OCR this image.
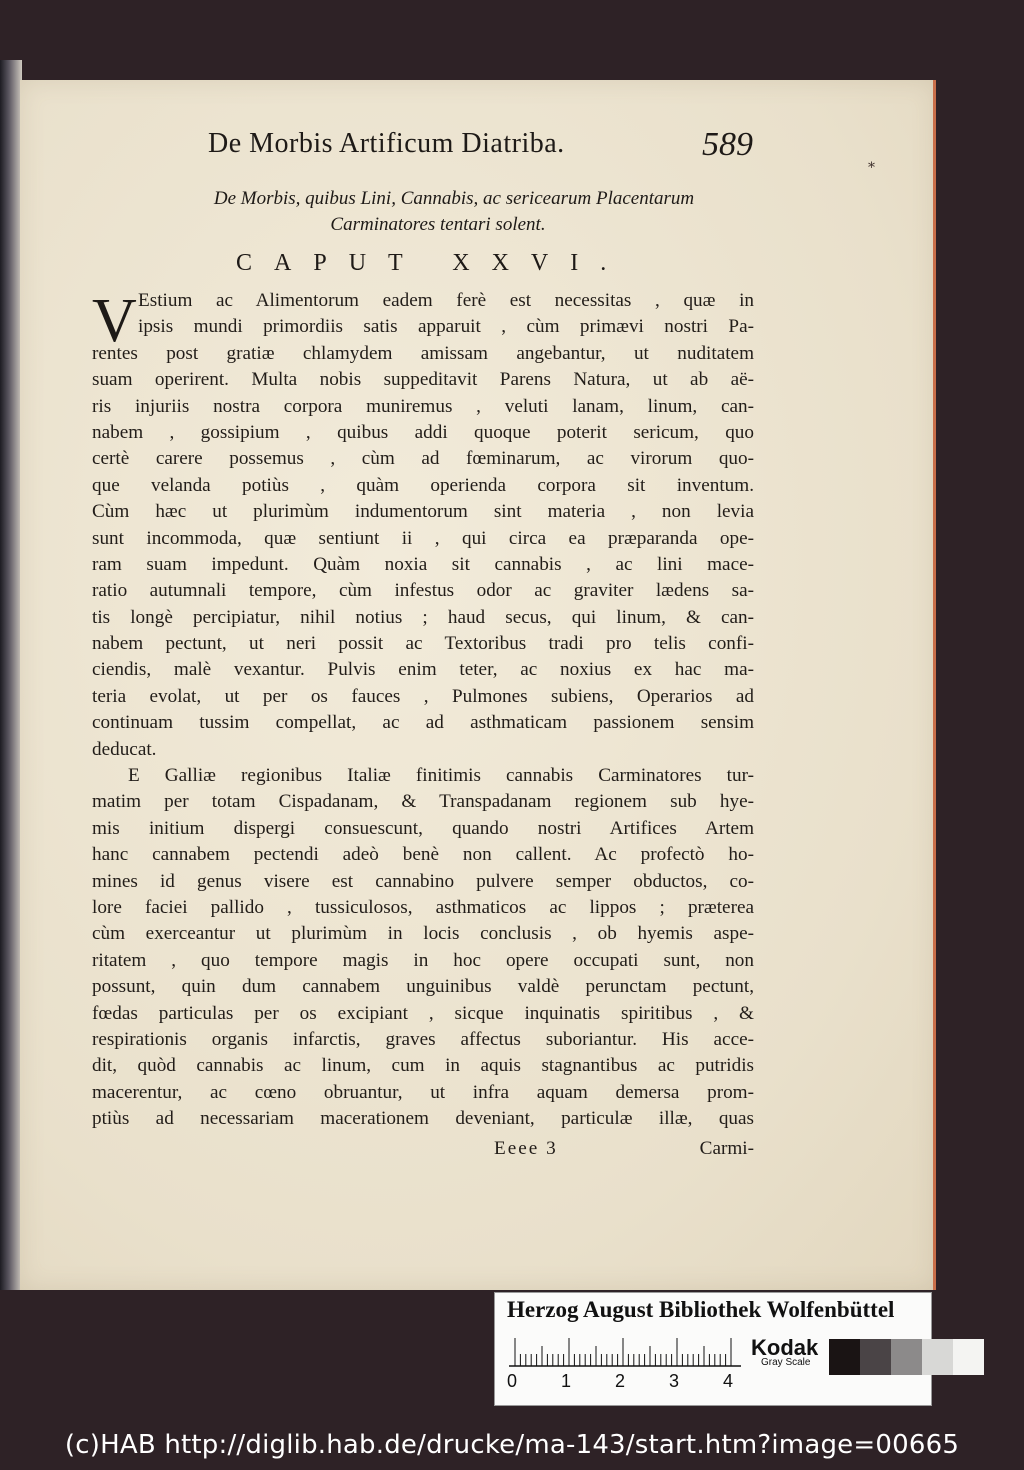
De Morbis Artificum Diatriba.	589
*
De Morbis, quibus Lini, Cannabis, ac sericearum Placentarum
Carminatores tentari solent.
CAPUT XXVI.
V Estium ac Alimentorum eadem ferè est necessitas , quæ in
ipsis mundi primordiis satis apparuit , cùm primævi nostri Pa-
rentes post gratiæ chlamydem amissam angebantur, ut nuditatem
suam operirent. Multa nobis suppeditavit Parens Natura, ut ab aë-
ris injuriis nostra corpora muniremus , veluti lanam, linum, can-
nabem , gossipium , quibus addi quoque poterit sericum, quo
certè carere possemus , cùm ad fœminarum, ac virorum quo-
que velanda potiùs , quàm operienda corpora sit inventum.
Cùm hæc ut plurimùm indumentorum sint materia , non levia
sunt incommoda, quæ sentiunt ii , qui circa ea præparanda ope-
ram suam impedunt. Quàm noxia sit cannabis , ac lini mace-
ratio autumnali tempore, cùm infestus odor ac graviter lædens sa-
tis longè percipiatur, nihil notius ; haud secus, qui linum, & can-
nabem pectunt, ut neri possit ac Textoribus tradi pro telis confi-
ciendis, malè vexantur. Pulvis enim teter, ac noxius ex hac ma-
teria evolat, ut per os fauces , Pulmones subiens, Operarios ad
continuam tussim compellat, ac ad asthmaticam passionem sensim
deducat.
E Galliæ regionibus Italiæ finitimis cannabis Carminatores tur-
matim per totam Cispadanam, & Transpadanam regionem sub hye-
mis initium dispergi consuescunt, quando nostri Artifices Artem
hanc cannabem pectendi adeò benè non callent. Ac profectò ho-
mines id genus visere est cannabino pulvere semper obductos, co-
lore faciei pallido , tussiculosos, asthmaticos ac lippos ; præterea
cùm exerceantur ut plurimùm in locis conclusis , ob hyemis aspe-
ritatem , quo tempore magis in hoc opere occupati sunt, non
possunt, quin dum cannabem unguinibus valdè perunctam pectunt,
fœdas particulas per os excipiant , sicque inquinatis spiritibus , &
respirationis organis infarctis, graves affectus suboriantur. His acce-
dit, quòd cannabis ac linum, cum in aquis stagnantibus ac putridis
macerentur, ac cœno obruantur, ut infra aquam demersa prom-
ptiùs ad necessariam macerationem deveniant, particulæ illæ, quas
Eeee 3	Carmi-
Herzog August Bibliothek Wolfenbüttel
0 1 2 3 4
Kodak
Gray Scale
(c)HAB http://diglib.hab.de/drucke/ma-143/start.htm?image=00665
